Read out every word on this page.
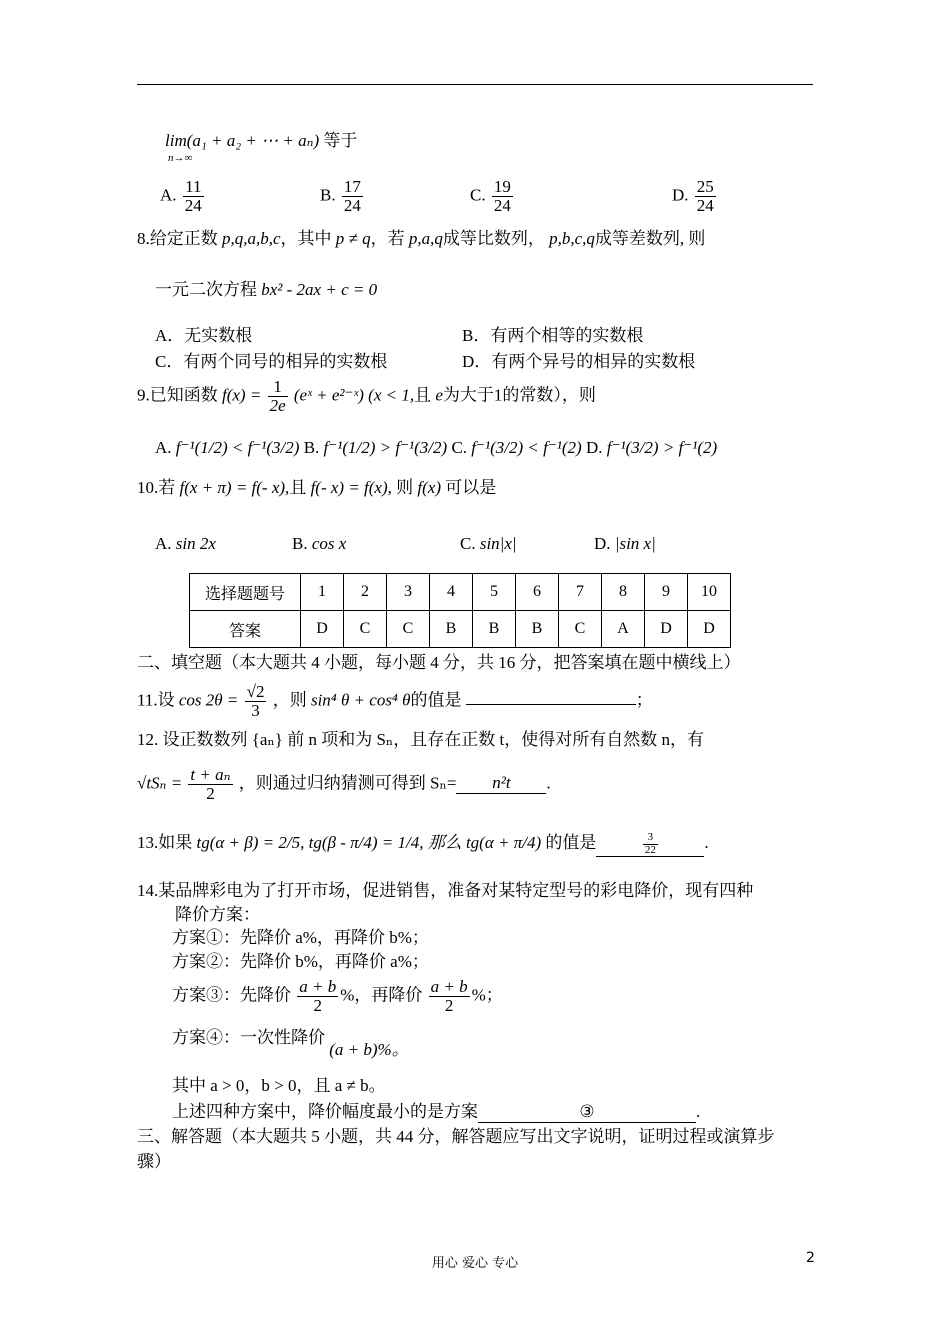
lim(a₁ + a₂ + ⋯ + aₙ) 等于
n→∞
A. $\frac{11}{24}$	B. $\frac{17}{24}$	C. $\frac{19}{24}$	D. $\frac{25}{24}$
8.给定正数 p,q,a,b,c，其中 p ≠ q，若 p,a,q成等比数列， p,b,c,q成等差数列, 则
一元二次方程 bx² - 2ax + c = 0
A．无实数根	B．有两个相等的实数根
C．有两个同号的相异的实数根	D．有两个异号的相异的实数根
9.已知函数 $f(x) = \frac{1}{2e}$ (eˣ + e²⁻ˣ) (x < 1,且 e为大于1的常数），则
A. f⁻¹(1/2) < f⁻¹(3/2) B. f⁻¹(1/2) > f⁻¹(3/2) C. f⁻¹(3/2) < f⁻¹(2) D. f⁻¹(3/2) > f⁻¹(2)
10.若 f(x + π) = f(- x),且 f(- x) = f(x), 则 f(x) 可以是
A. sin 2x	B. cos x	C. sin|x|	D. |sin x|
选择题题号	1	2	3	4	5	6	7	8	9	10
答案	D	C	C	B	B	B	C	A	D	D
二、填空题（本大题共 4 小题，每小题 4 分，共 16 分，把答案填在题中横线上）
11.设 $\cos 2\theta = \frac{√2}{3}$ ，则 sin⁴ θ + cos⁴ θ的值是	；
12. 设正数数列 {aₙ} 前 n 项和为 Sₙ，且存在正数 t，使得对所有自然数 n，有
$√tS_n = \frac{\text{t + aₙ}}{2}$ ，则通过归纳猜测可得到 Sₙ= n²t .
13.如果 tg(α + β) = 2/5, tg(β - π/4) = 1/4, 那么 tg(α + π/4) 的值是	$\frac{3}{22}$	.
14.某品牌彩电为了打开市场，促进销售，准备对某特定型号的彩电降价，现有四种
降价方案：
方案①：先降价 a%，再降价 b%；
方案②：先降价 b%，再降价 a%；
方案③：先降价 $\frac{a + b}{2}$ %，再降价 $\frac{a + b}{2}$ %；
方案④：一次性降价 (a + b)%。
其中 a > 0，b > 0，且 a ≠ b。
上述四种方案中，降价幅度最小的是方案	③	.
三、解答题（本大题共 5 小题，共 44 分，解答题应写出文字说明，证明过程或演算步
骤）
用心 爱心 专心	2
